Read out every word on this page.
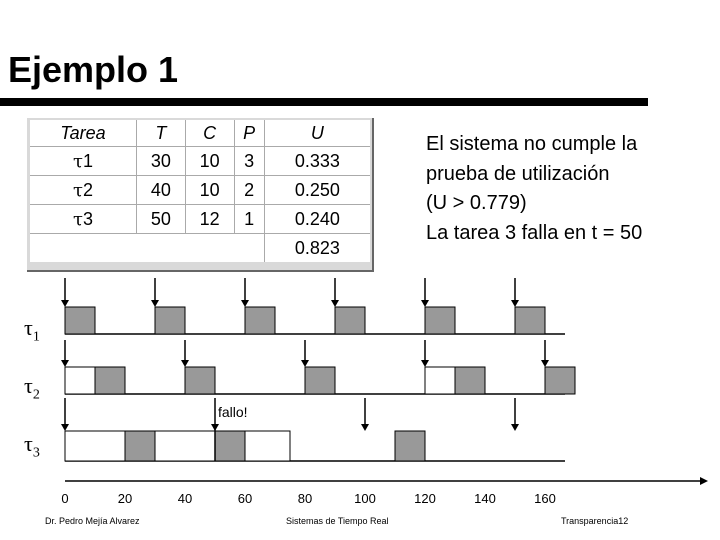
Ejemplo 1
Tarea	T	C	P	U
τ1	30	10	3	0.333
τ2	40	10	2	0.250
τ3	50	12	1	0.240
				0.823
El sistema no cumple la
prueba de utilización
(U > 0.779)
La tarea 3 falla en t = 50
$\tau_1$
$\tau_2$
$\tau_3$
fallo!
0	20	40	60	80	100	120	140	160
Dr. Pedro Mejía Alvarez	Sistemas de Tiempo Real	Transparencia12
